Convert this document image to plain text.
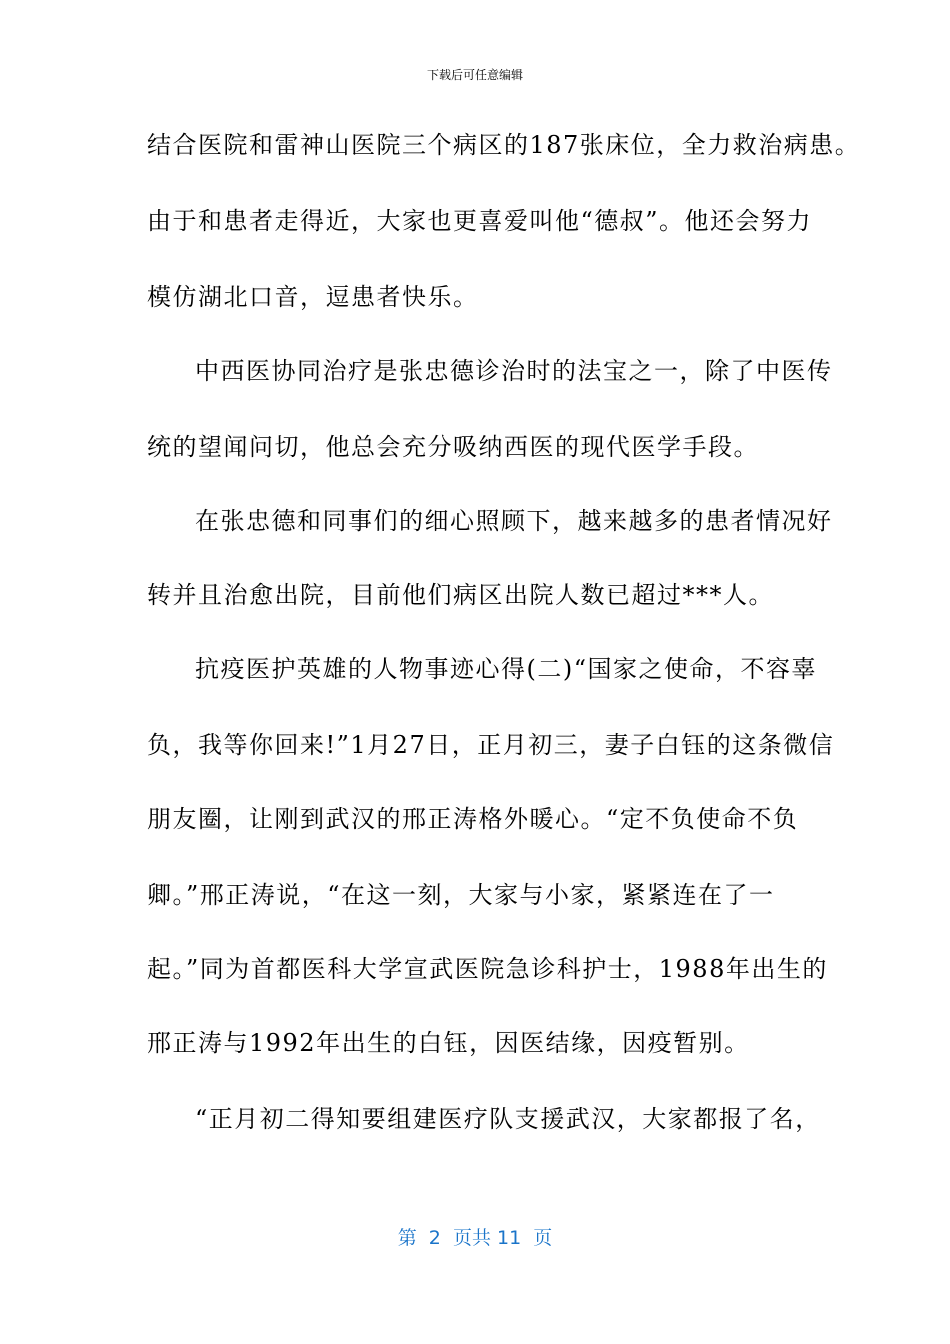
下载后可任意编辑
结合医院和雷神山医院三个病区的187张床位，全力救治病患。
由于和患者走得近，大家也更喜爱叫他“德叔”。他还会努力
模仿湖北口音，逗患者快乐。
中西医协同治疗是张忠德诊治时的法宝之一，除了中医传
统的望闻问切，他总会充分吸纳西医的现代医学手段。
在张忠德和同事们的细心照顾下，越来越多的患者情况好
转并且治愈出院，目前他们病区出院人数已超过***人。
抗疫医护英雄的人物事迹心得(二)“国家之使命，不容辜
负，我等你回来!”1月27日，正月初三，妻子白钰的这条微信
朋友圈，让刚到武汉的邢正涛格外暖心。“定不负使命不负
卿。”邢正涛说，“在这一刻，大家与小家，紧紧连在了一
起。”同为首都医科大学宣武医院急诊科护士，1988年出生的
邢正涛与1992年出生的白钰，因医结缘，因疫暂别。
“正月初二得知要组建医疗队支援武汉，大家都报了名，
第  2  页共 11  页
